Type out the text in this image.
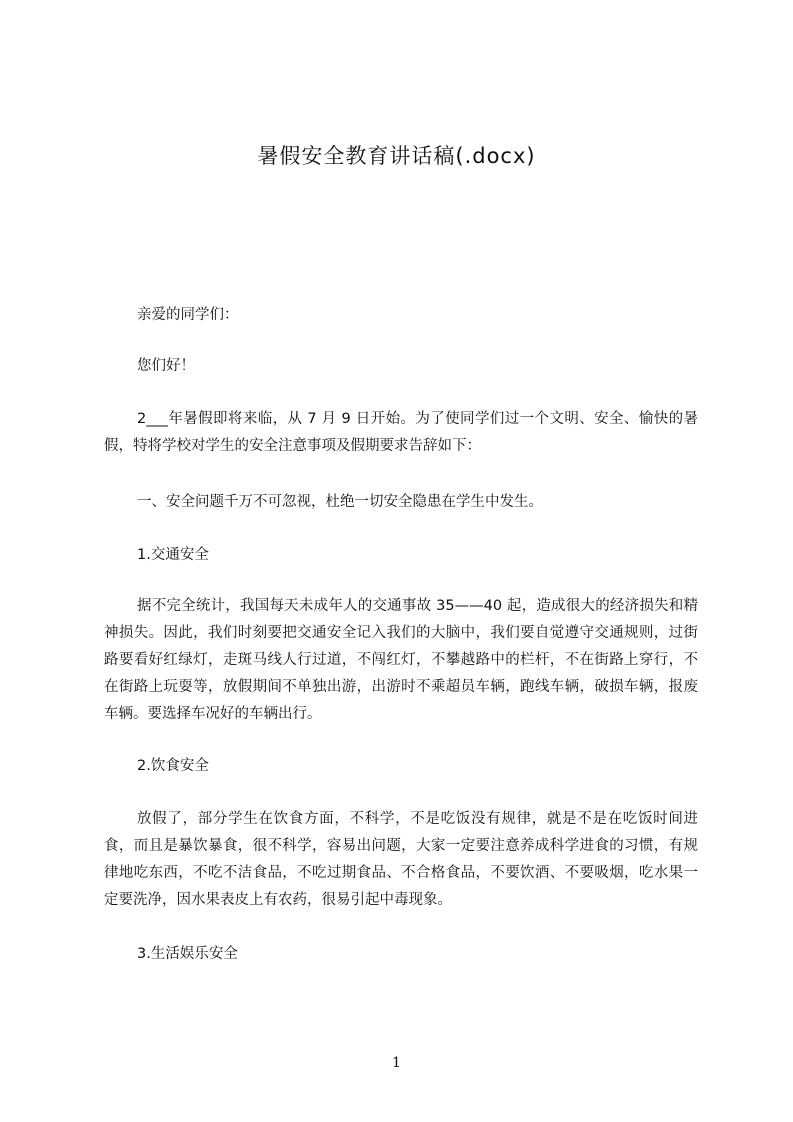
暑假安全教育讲话稿(.docx)

亲爱的同学们：

您们好！

2___年暑假即将来临，从 7 月 9 日开始。为了使同学们过一个文明、安全、愉快的暑假，特将学校对学生的安全注意事项及假期要求告辞如下：

一、安全问题千万不可忽视，杜绝一切安全隐患在学生中发生。

1.交通安全

据不完全统计，我国每天未成年人的交通事故 35——40 起，造成很大的经济损失和精神损失。因此，我们时刻要把交通安全记入我们的大脑中，我们要自觉遵守交通规则，过街路要看好红绿灯，走斑马线人行过道，不闯红灯，不攀越路中的栏杆，不在街路上穿行，不在街路上玩耍等，放假期间不单独出游，出游时不乘超员车辆，跑线车辆，破损车辆，报废车辆。要选择车况好的车辆出行。

2.饮食安全

放假了，部分学生在饮食方面，不科学，不是吃饭没有规律，就是不是在吃饭时间进食，而且是暴饮暴食，很不科学，容易出问题，大家一定要注意养成科学进食的习惯，有规律地吃东西，不吃不洁食品，不吃过期食品、不合格食品，不要饮酒、不要吸烟，吃水果一定要洗净，因水果表皮上有农药，很易引起中毒现象。

3.生活娱乐安全

1
